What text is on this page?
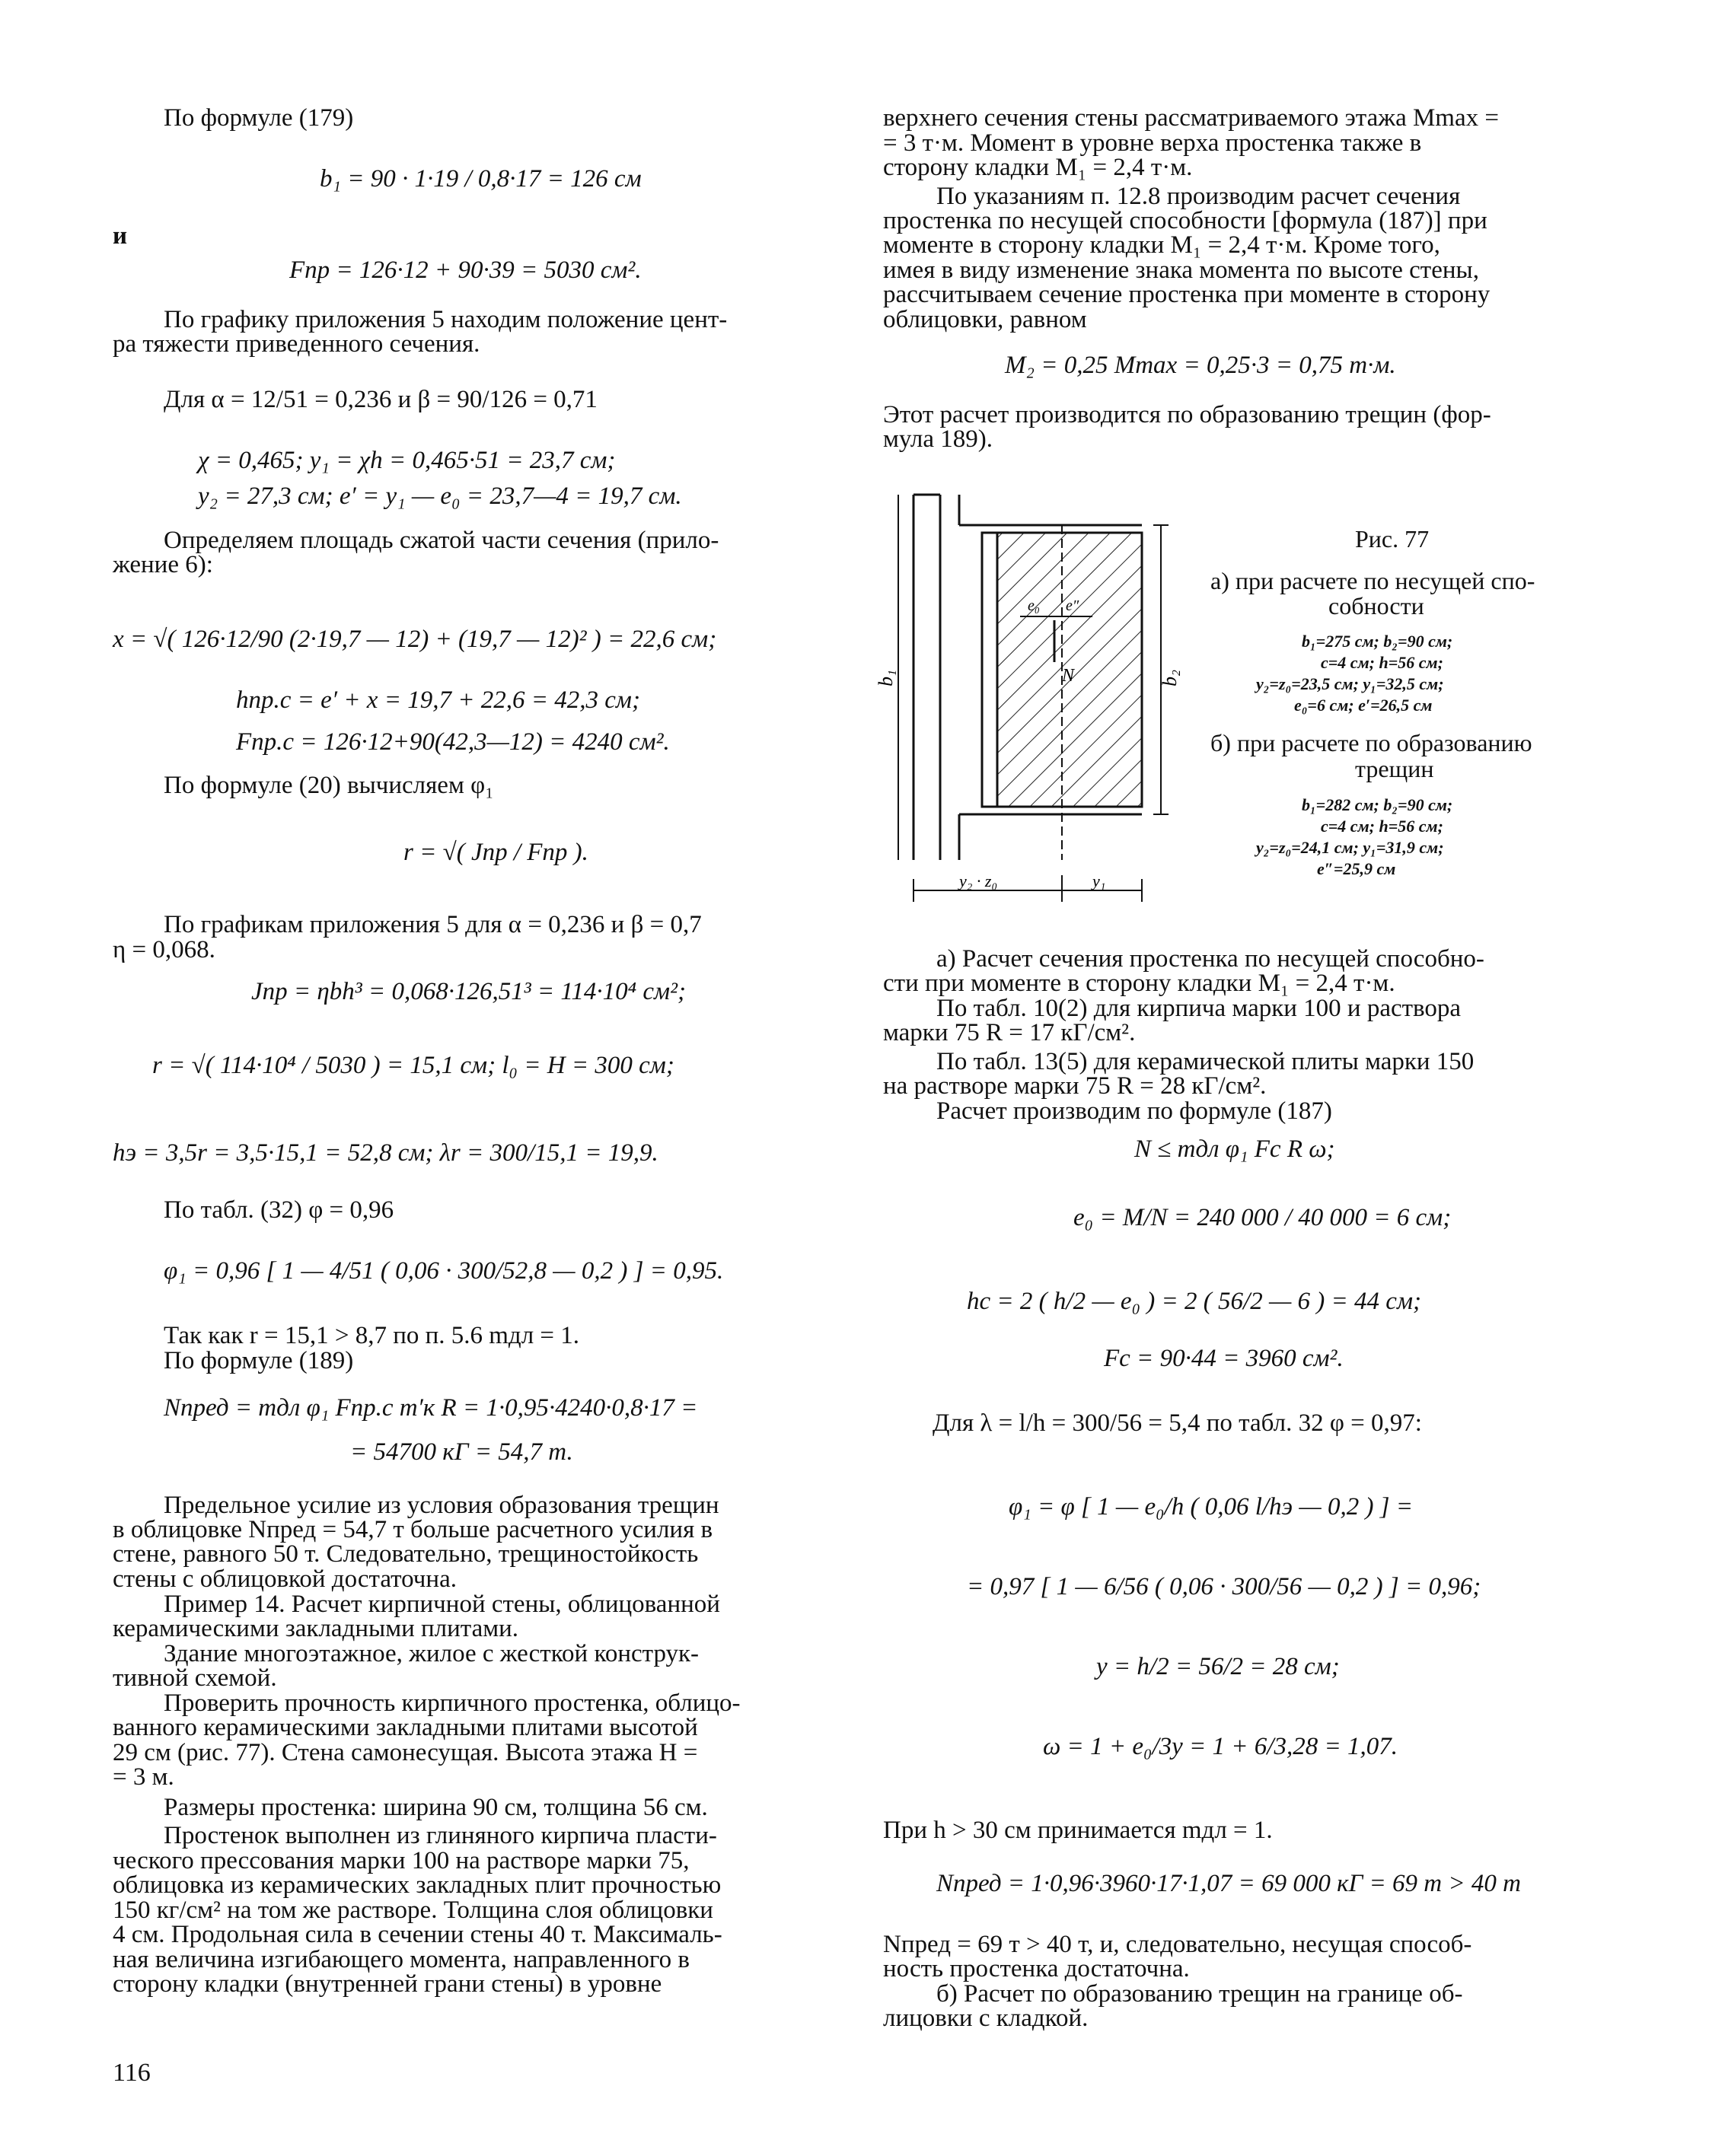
По формуле (179)
b₁ = 90 · 1·19 / 0,8·17 = 126 см
и
Fпр = 126·12 + 90·39 = 5030 см².
По графику приложения 5 находим положение цент-
ра тяжести приведенного сечения.
Для α = 12/51 = 0,236 и β = 90/126 = 0,71
χ = 0,465; y₁ = χh = 0,465·51 = 23,7 см;
y₂ = 27,3 см; e′ = y₁ — e₀ = 23,7—4 = 19,7 см.
Определяем площадь сжатой части сечения (прило-
жение 6):
x = √( 126·12/90 (2·19,7 — 12) + (19,7 — 12)² ) = 22,6 см;
hпр.с = e′ + x = 19,7 + 22,6 = 42,3 см;
Fпр.с = 126·12+90(42,3—12) = 4240 см².
По формуле (20) вычисляем φ₁
r = √( Jпр / Fпр ).
По графикам приложения 5 для α = 0,236 и β = 0,7
η = 0,068.
Jпр = ηbh³ = 0,068·126,51³ = 114·10⁴ см²;
r = √( 114·10⁴ / 5030 ) = 15,1 см; l₀ = H = 300 см;
hэ = 3,5r = 3,5·15,1 = 52,8 см; λr = 300/15,1 = 19,9.
По табл. (32) φ = 0,96
φ₁ = 0,96 [ 1 — 4/51 ( 0,06 · 300/52,8 — 0,2 ) ] = 0,95.
Так как r = 15,1 > 8,7 по п. 5.6 mдл = 1.
По формуле (189)
Nпред = mдл φ₁ Fпр.с m′к R = 1·0,95·4240·0,8·17 =
= 54700 кГ = 54,7 т.
Предельное усилие из условия образования трещин
в облицовке Nпред = 54,7 т больше расчетного усилия в
стене, равного 50 т. Следовательно, трещиностойкость
стены с облицовкой достаточна.
Пример 14. Расчет кирпичной стены, облицованной
керамическими закладными плитами.
Здание многоэтажное, жилое с жесткой конструк-
тивной схемой.
Проверить прочность кирпичного простенка, облицо-
ванного керамическими закладными плитами высотой
29 см (рис. 77). Стена самонесущая. Высота этажа H =
= 3 м.
Размеры простенка: ширина 90 см, толщина 56 см.
Простенок выполнен из глиняного кирпича пласти-
ческого прессования марки 100 на растворе марки 75,
облицовка из керамических закладных плит прочностью
150 кг/см² на том же растворе. Толщина слоя облицовки
4 см. Продольная сила в сечении стены 40 т. Максималь-
ная величина изгибающего момента, направленного в
сторону кладки (внутренней грани стены) в уровне
верхнего сечения стены рассматриваемого этажа Mmax =
= 3 т·м. Момент в уровне верха простенка также в
сторону кладки M₁ = 2,4 т·м.
По указаниям п. 12.8 производим расчет сечения
простенка по несущей способности [формула (187)] при
моменте в сторону кладки M₁ = 2,4 т·м. Кроме того,
имея в виду изменение знака момента по высоте стены,
рассчитываем сечение простенка при моменте в сторону
облицовки, равном
M₂ = 0,25 Mmax = 0,25·3 = 0,75 т·м.
Этот расчет производится по образованию трещин (фор-
мула 189).
N
e₀ e″
b₁	b₂
y₂ · z₀	y₁
Рис. 77
а) при расчете по несущей спо-
собности
b₁=275 см; b₂=90 см;
c=4 см; h=56 см;
y₂=z₀=23,5 см; y₁=32,5 см;
e₀=6 см; e′=26,5 см
б) при расчете по образованию
трещин
b₁=282 см; b₂=90 см;
c=4 см; h=56 см;
y₂=z₀=24,1 см; y₁=31,9 см;
e″=25,9 см
а) Расчет сечения простенка по несущей способно-
сти при моменте в сторону кладки M₁ = 2,4 т·м.
По табл. 10(2) для кирпича марки 100 и раствора
марки 75 R = 17 кГ/см².
По табл. 13(5) для керамической плиты марки 150
на растворе марки 75 R = 28 кГ/см².
Расчет производим по формуле (187)
N ≤ mдл φ₁ Fc R ω;
e₀ = M/N = 240 000 / 40 000 = 6 см;
hc = 2 ( h/2 — e₀ ) = 2 ( 56/2 — 6 ) = 44 см;
Fc = 90·44 = 3960 см².
Для λ = l/h = 300/56 = 5,4 по табл. 32 φ = 0,97:
φ₁ = φ [ 1 — e₀/h ( 0,06 l/hэ — 0,2 ) ] =
= 0,97 [ 1 — 6/56 ( 0,06 · 300/56 — 0,2 ) ] = 0,96;
y = h/2 = 56/2 = 28 см;
ω = 1 + e₀/3y = 1 + 6/3,28 = 1,07.
При h > 30 см принимается mдл = 1.
Nпред = 1·0,96·3960·17·1,07 = 69 000 кГ = 69 т > 40 т
Nпред = 69 т > 40 т, и, следовательно, несущая способ-
ность простенка достаточна.
б) Расчет по образованию трещин на границе об-
лицовки с кладкой.
116
